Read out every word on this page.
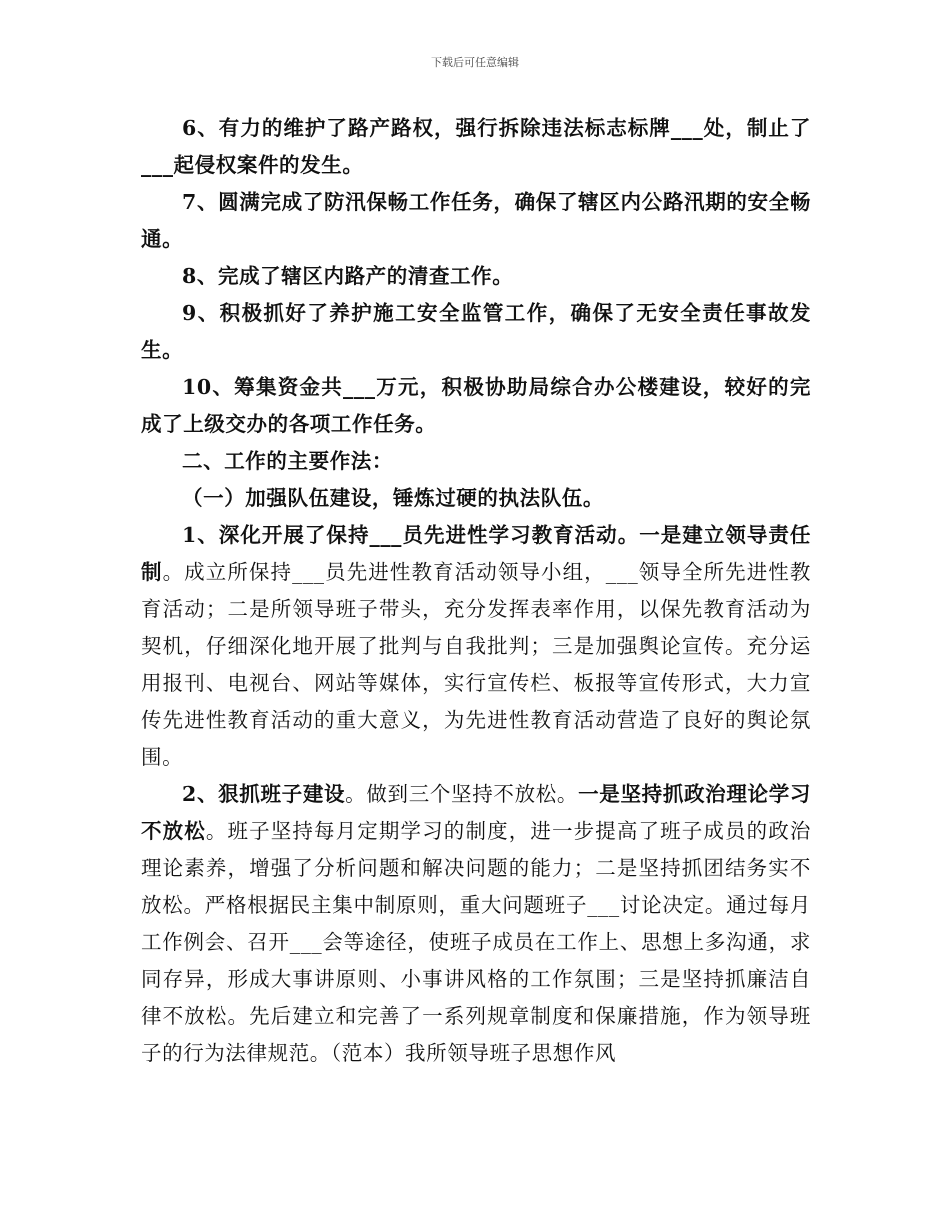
下载后可任意编辑

6、有力的维护了路产路权，强行拆除违法标志标牌___处，制止了___起侵权案件的发生。

7、圆满完成了防汛保畅工作任务，确保了辖区内公路汛期的安全畅通。

8、完成了辖区内路产的清查工作。

9、积极抓好了养护施工安全监管工作，确保了无安全责任事故发生。

10、筹集资金共___万元，积极协助局综合办公楼建设，较好的完成了上级交办的各项工作任务。

二、工作的主要作法：

（一）加强队伍建设，锤炼过硬的执法队伍。

1、深化开展了保持___员先进性学习教育活动。一是建立领导责任制。成立所保持___员先进性教育活动领导小组，___领导全所先进性教育活动；二是所领导班子带头，充分发挥表率作用，以保先教育活动为契机，仔细深化地开展了批判与自我批判；三是加强舆论宣传。充分运用报刊、电视台、网站等媒体，实行宣传栏、板报等宣传形式，大力宣传先进性教育活动的重大意义，为先进性教育活动营造了良好的舆论氛围。

2、狠抓班子建设。做到三个坚持不放松。一是坚持抓政治理论学习不放松。班子坚持每月定期学习的制度，进一步提高了班子成员的政治理论素养，增强了分析问题和解决问题的能力；二是坚持抓团结务实不放松。严格根据民主集中制原则，重大问题班子___讨论决定。通过每月工作例会、召开___会等途径，使班子成员在工作上、思想上多沟通，求同存异，形成大事讲原则、小事讲风格的工作氛围；三是坚持抓廉洁自律不放松。先后建立和完善了一系列规章制度和保廉措施，作为领导班子的行为法律规范。（范本）我所领导班子思想作风
